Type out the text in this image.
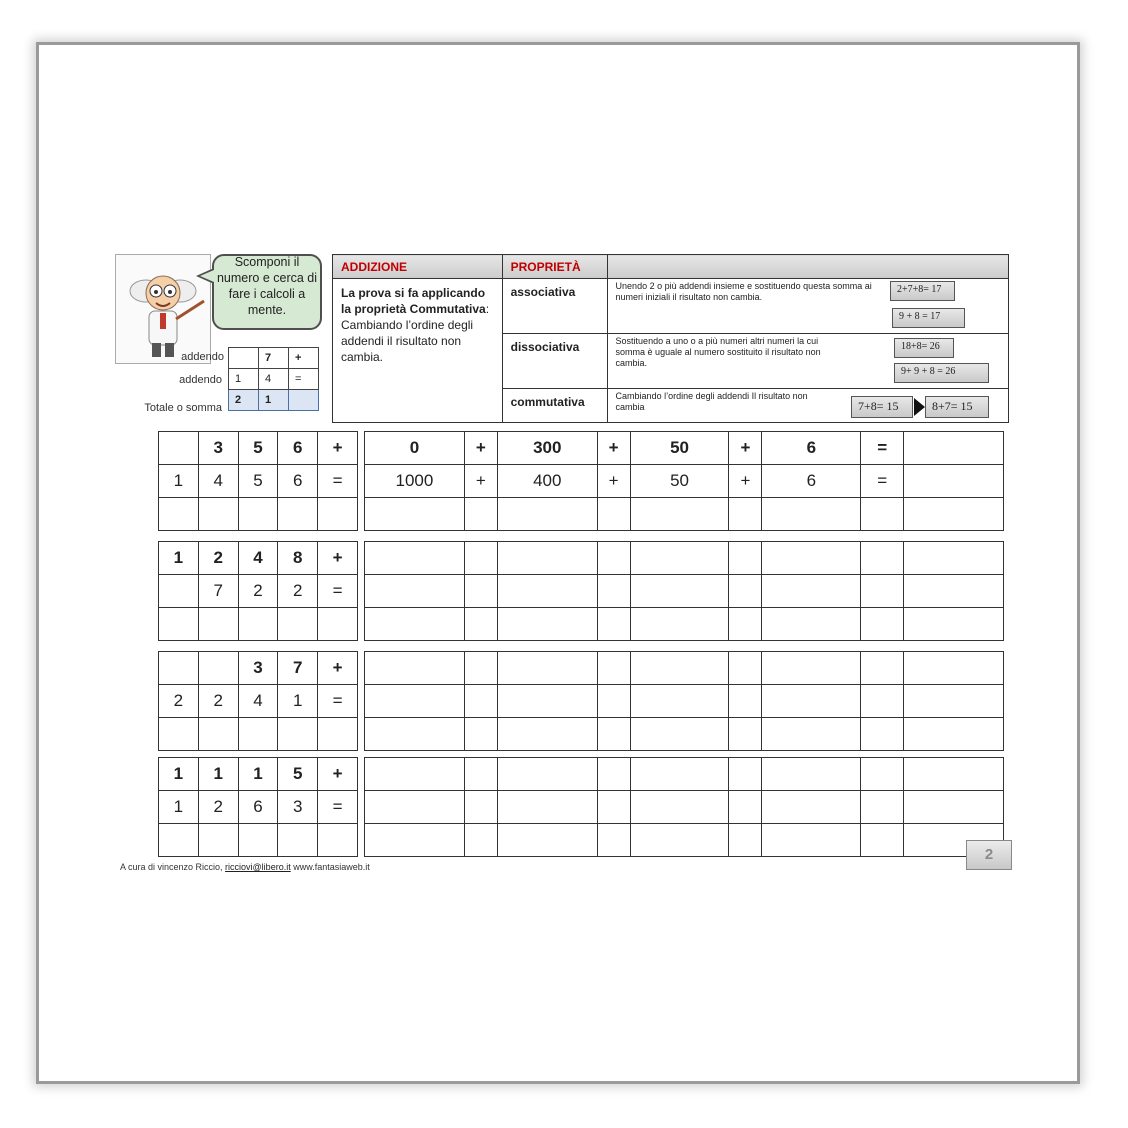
Scomponi il numero e cerca di fare i calcoli a mente.
addendo
addendo
Totale o somma
	7	+
1	4	=
2	1	
ADDIZIONE	PROPRIETÀ	
La prova si fa applicando la proprietà Commutativa: Cambiando l’ordine degli addendi il risultato non cambia.	associativa	Unendo 2 o più addendi insieme e sostituendo questa somma ai numeri iniziali il risultato non cambia.

	dissociativa	Sostituendo a uno o a più numeri altri numeri la cui somma è uguale al numero sostituito il risultato non cambia.

	commutativa	Cambiando l’ordine degli addendi Il risultato non cambia
2+7+8= 17
9 + 8 = 17
18+8= 26
9+ 9 + 8 = 26
7+8= 15	8+7= 15
	3	5	6	+
1	4	5	6	=

0	+	300	+	50	+	6	=	
1000	+	400	+	50	+	6	=	

1	2	4	8	+
	7	2	2	=

		3	7	+
2	2	4	1	=

1	1	1	5	+
1	2	6	3	=

A cura di vincenzo Riccio, ricciovi@libero.it www.fantasiaweb.it
2
